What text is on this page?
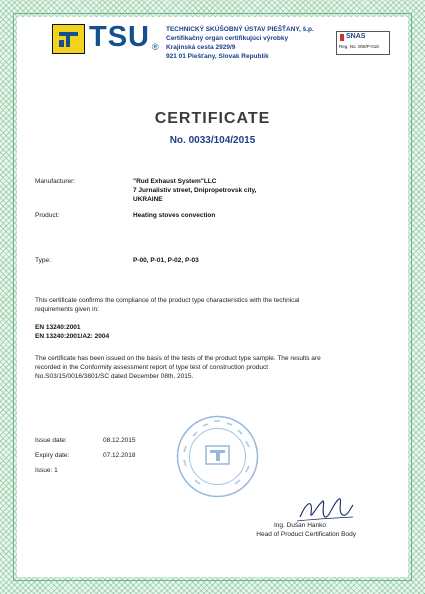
TSU ®
TECHNICKÝ SKÚŠOBNÝ ÚSTAV PIEŠŤANY, š.p.
Certifikačný orgán certifikujúci výrobky
Krajinská cesta 2929/9
921 01 Piešťany, Slovak Republik
SNAS
Reg. No. 008/P-018
CERTIFICATE
No. 0033/104/2015
Manufacturer:	"Rud Exhaust System"LLC
7 Jurnalistiv street, Dnipropetrovsk city,
UKRAINE
Product:	Heating stoves convection
Type:	P-00, P-01, P-02, P-03
This certificate confirms the compliance of the product type characteristics with the technical
requirements given in:
EN 13240:2001
EN 13240:2001/A2: 2004
The certificate has been issued on the basis of the tests of the product type sample. The results are
recorded in the Conformity assessment report of type test of construction product
No.S03/15/0016/3801/SC dated December 08th, 2015.
Issue date:	08.12.2015
Expiry date:	07.12.2018
Issue: 1
Ing. Dušan Hanko
Head of Product Certification Body
